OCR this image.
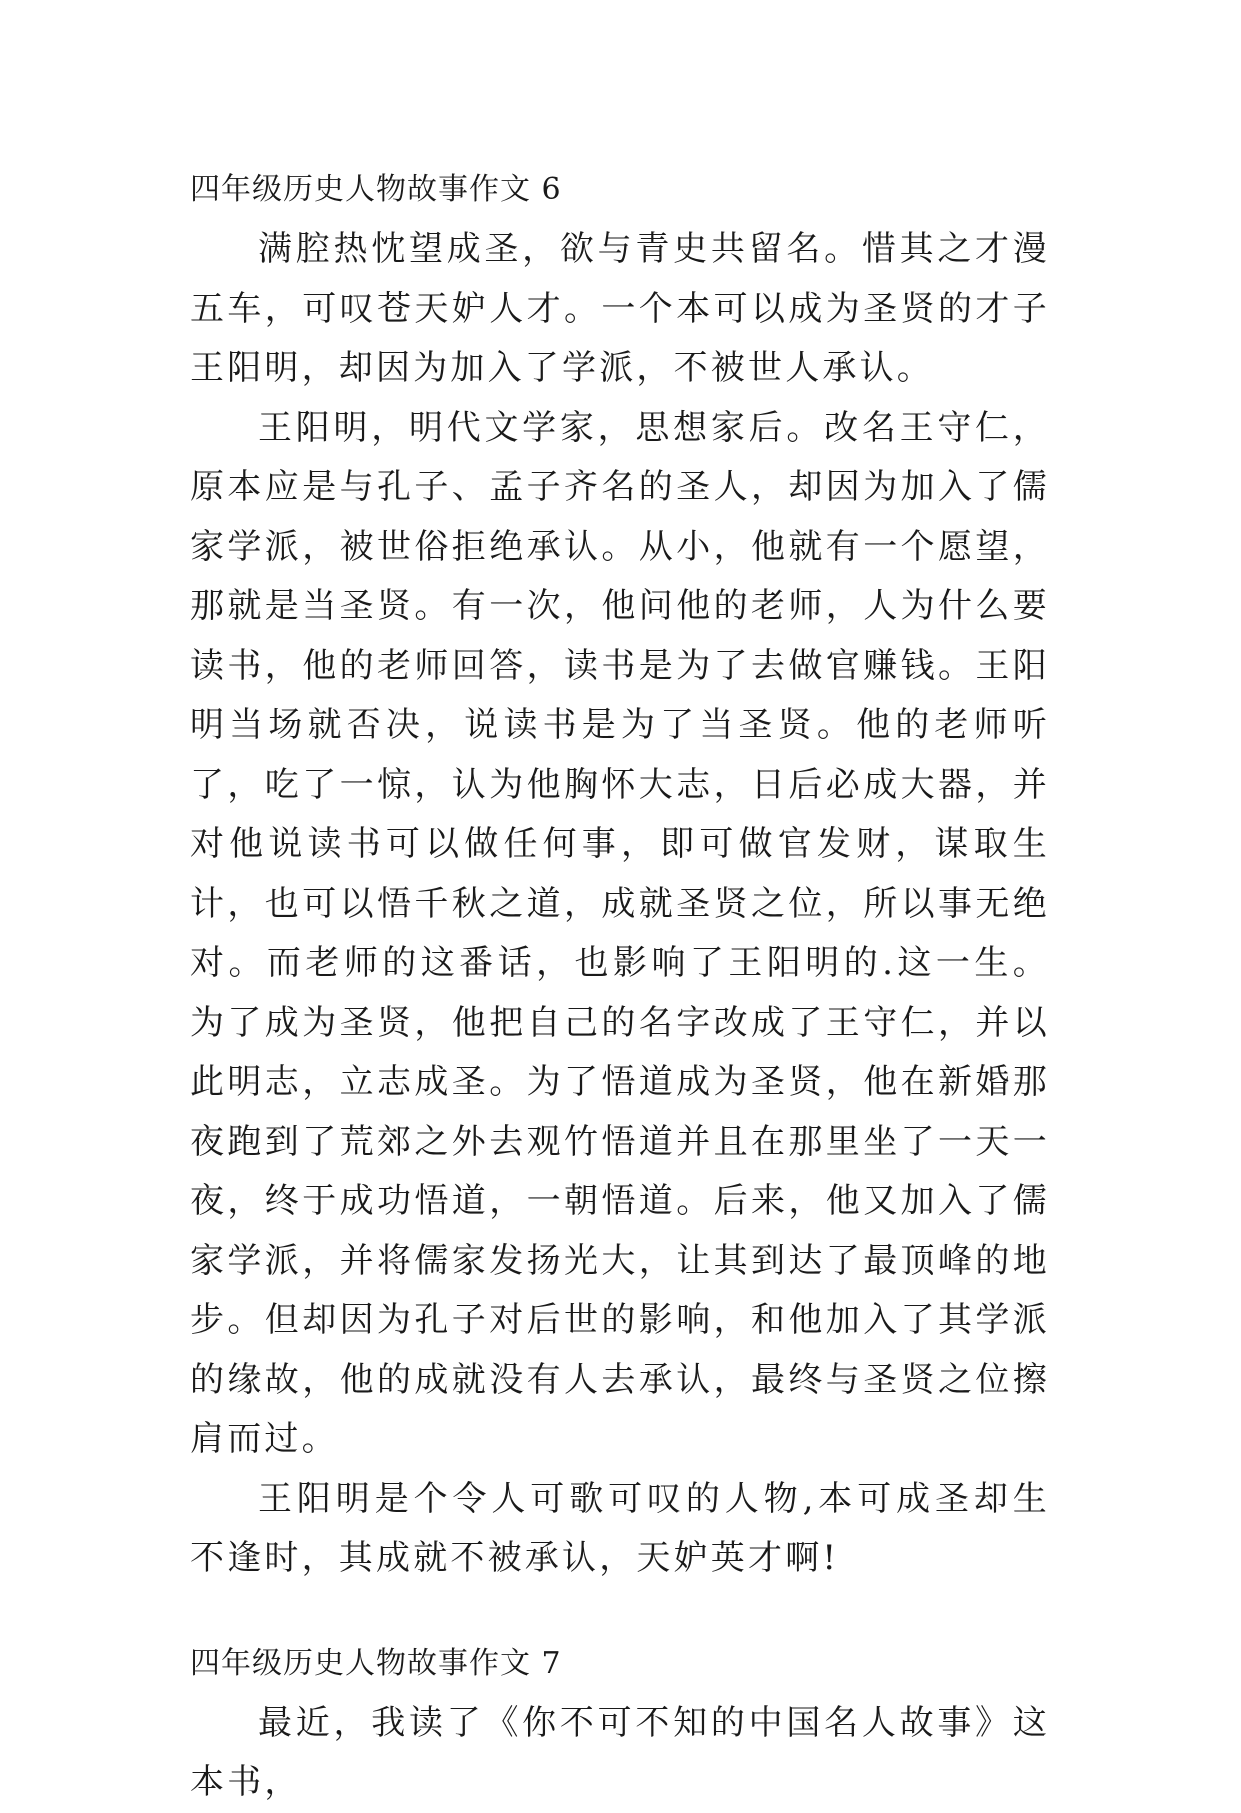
四年级历史人物故事作文 6

满腔热忱望成圣，欲与青史共留名。惜其之才漫五车，可叹苍天妒人才。一个本可以成为圣贤的才子王阳明，却因为加入了学派，不被世人承认。

王阳明，明代文学家，思想家后。改名王守仁，原本应是与孔子、孟子齐名的圣人，却因为加入了儒家学派，被世俗拒绝承认。从小，他就有一个愿望，那就是当圣贤。有一次，他问他的老师，人为什么要读书，他的老师回答，读书是为了去做官赚钱。王阳明当场就否决，说读书是为了当圣贤。他的老师听了，吃了一惊，认为他胸怀大志，日后必成大器，并对他说读书可以做任何事，即可做官发财，谋取生计，也可以悟千秋之道，成就圣贤之位，所以事无绝对。而老师的这番话，也影响了王阳明的.这一生。为了成为圣贤，他把自己的名字改成了王守仁，并以此明志，立志成圣。为了悟道成为圣贤，他在新婚那夜跑到了荒郊之外去观竹悟道并且在那里坐了一天一夜，终于成功悟道，一朝悟道。后来，他又加入了儒家学派，并将儒家发扬光大，让其到达了最顶峰的地步。但却因为孔子对后世的影响，和他加入了其学派的缘故，他的成就没有人去承认，最终与圣贤之位擦肩而过。

王阳明是个令人可歌可叹的人物,本可成圣却生不逢时，其成就不被承认，天妒英才啊!

四年级历史人物故事作文 7

最近，我读了《你不可不知的中国名人故事》这本书，
